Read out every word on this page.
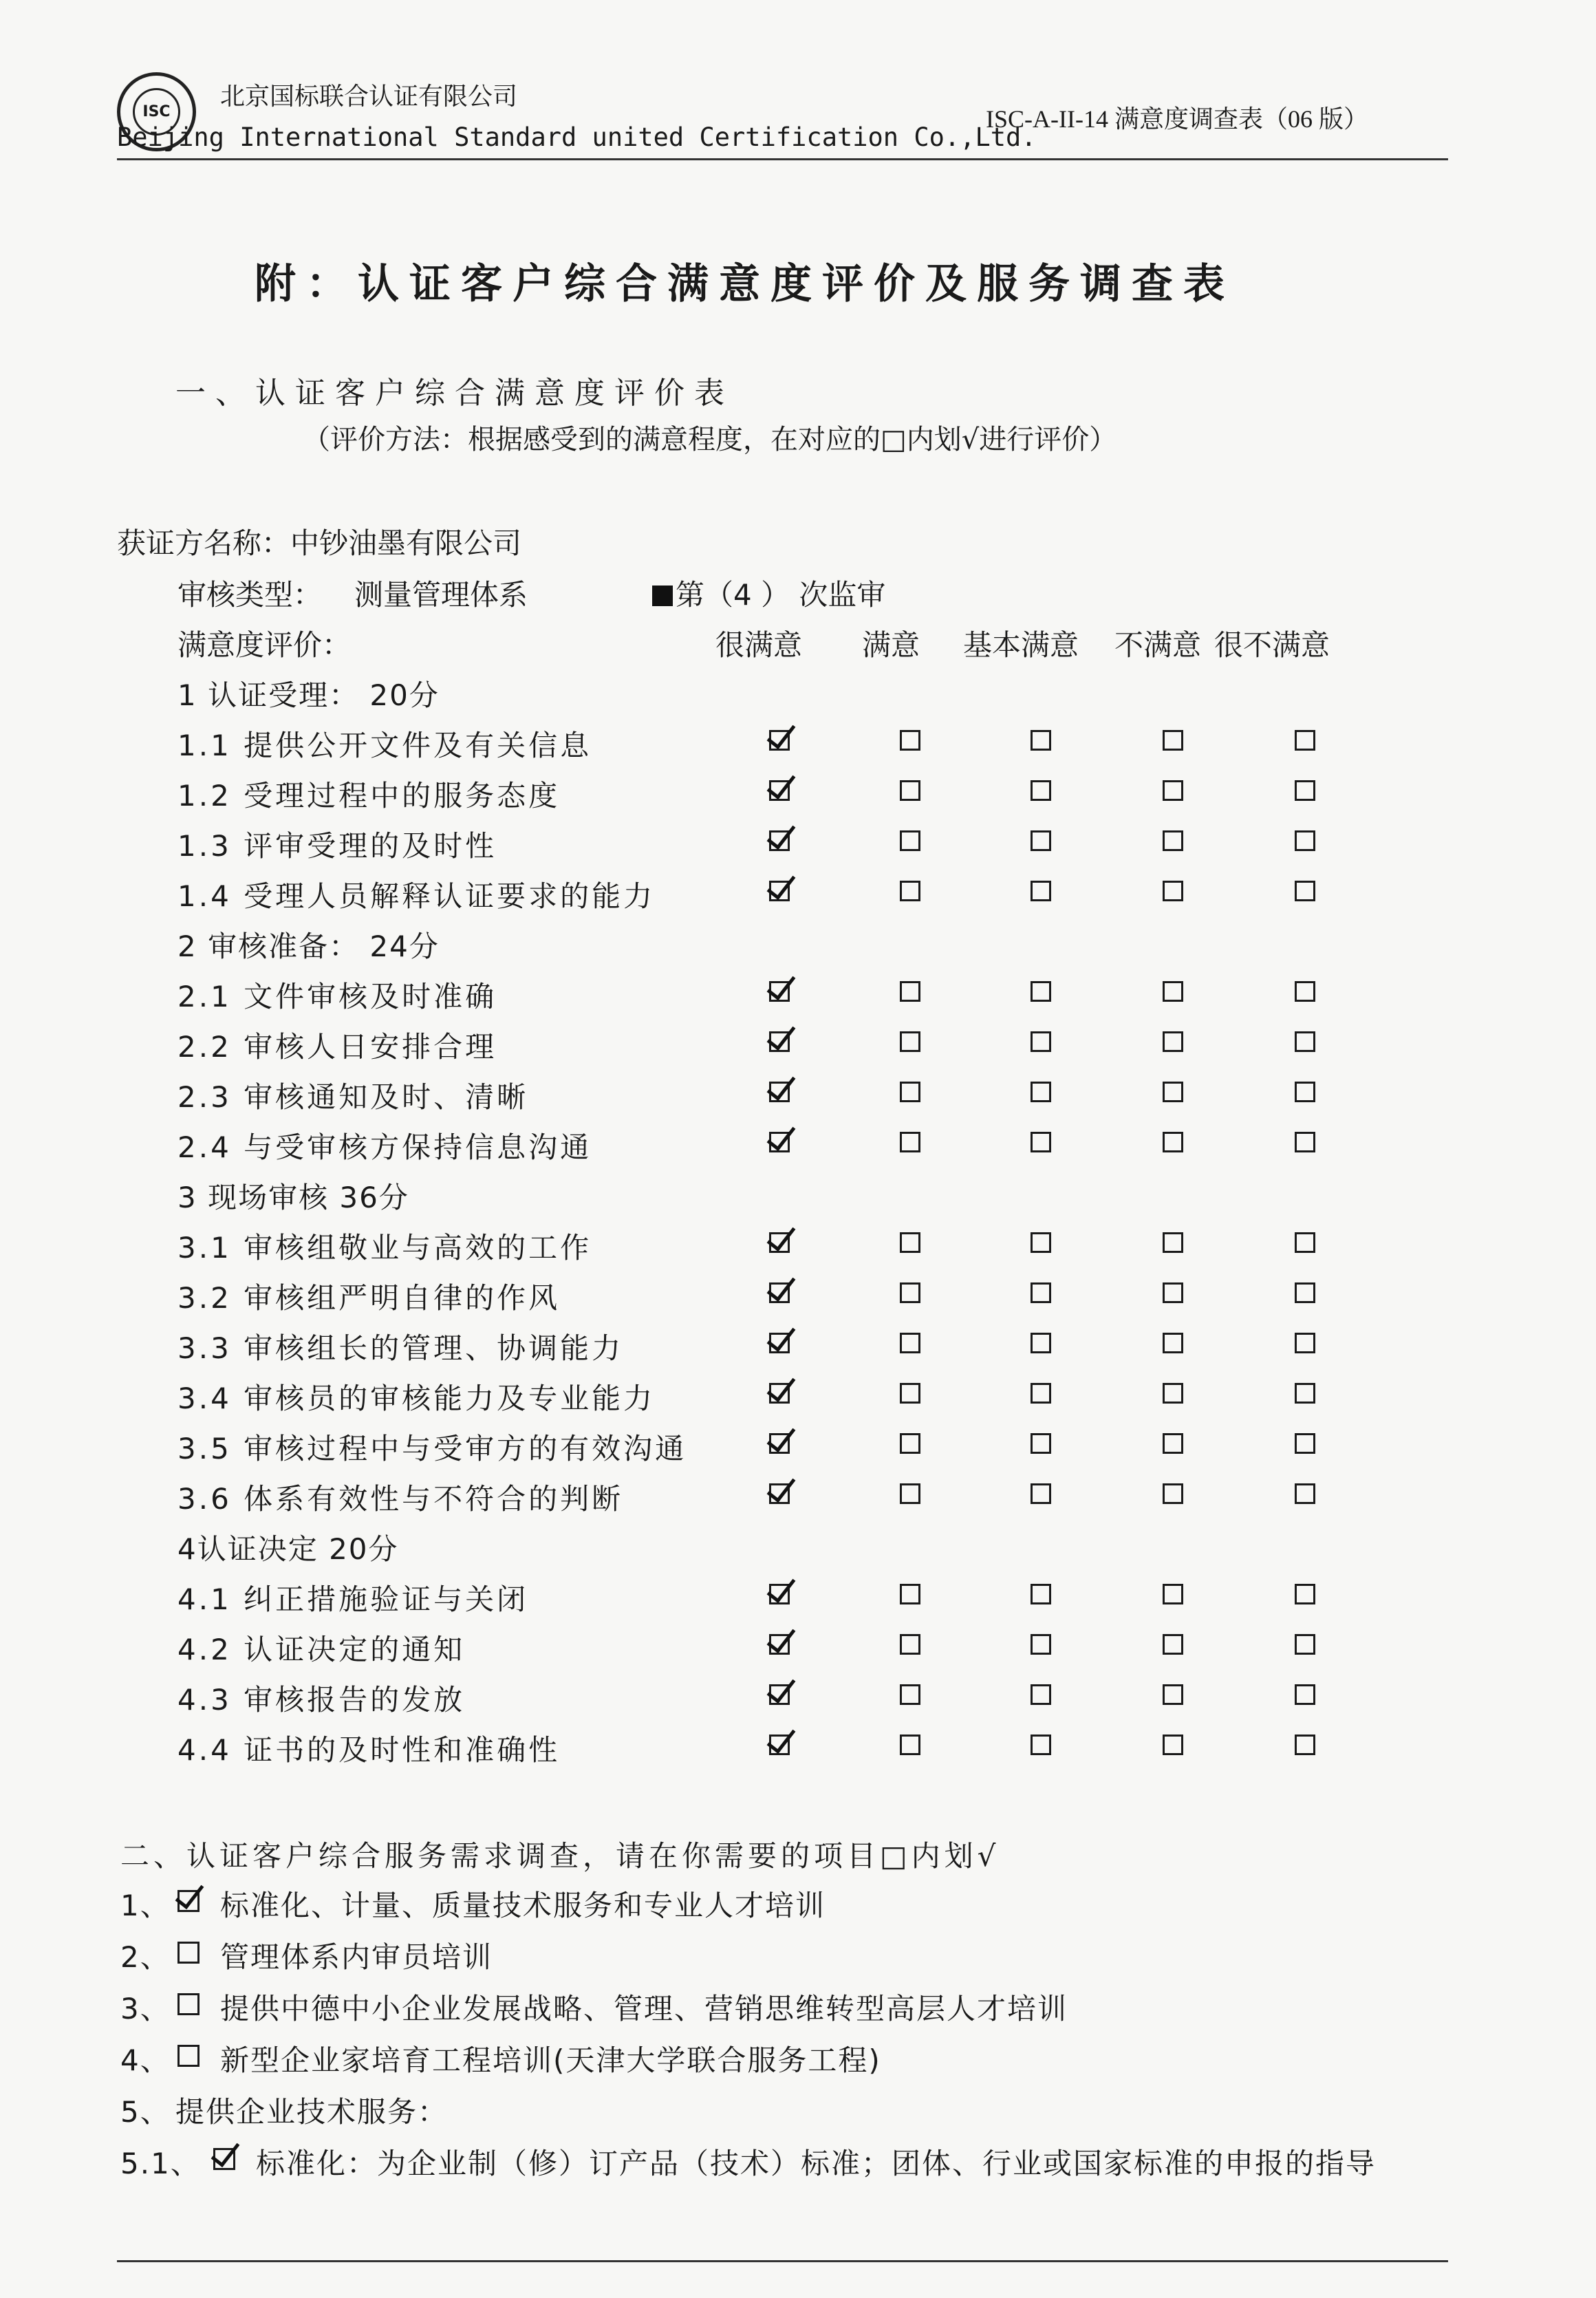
ISC
北京国标联合认证有限公司
Beijing International Standard united Certification Co.,Ltd.
ISC-A-II-14 满意度调查表（06 版）
附：认证客户综合满意度评价及服务调查表
一、认证客户综合满意度评价表
（评价方法：根据感受到的满意程度，在对应的□内划√进行评价）
获证方名称：中钞油墨有限公司
审核类型： 测量管理体系	第（4 ） 次监审
满意度评价：	很满意 满意 基本满意 不满意 很不满意
1 认证受理： 20分
1.1 提供公开文件及有关信息
1.2 受理过程中的服务态度
1.3 评审受理的及时性
1.4 受理人员解释认证要求的能力
2 审核准备： 24分
2.1 文件审核及时准确
2.2 审核人日安排合理
2.3 审核通知及时、清晰
2.4 与受审核方保持信息沟通
3 现场审核 36分
3.1 审核组敬业与高效的工作
3.2 审核组严明自律的作风
3.3 审核组长的管理、协调能力
3.4 审核员的审核能力及专业能力
3.5 审核过程中与受审方的有效沟通
3.6 体系有效性与不符合的判断
4认证决定 20分
4.1 纠正措施验证与关闭
4.2 认证决定的通知
4.3 审核报告的发放
4.4 证书的及时性和准确性
二、认证客户综合服务需求调查，请在你需要的项目□内划√
1、 标准化、计量、质量技术服务和专业人才培训
2、 管理体系内审员培训
3、 提供中德中小企业发展战略、管理、营销思维转型高层人才培训
4、 新型企业家培育工程培训(天津大学联合服务工程)
5、 提供企业技术服务：
5.1、 标准化：为企业制（修）订产品（技术）标准；团体、行业或国家标准的申报的指导
